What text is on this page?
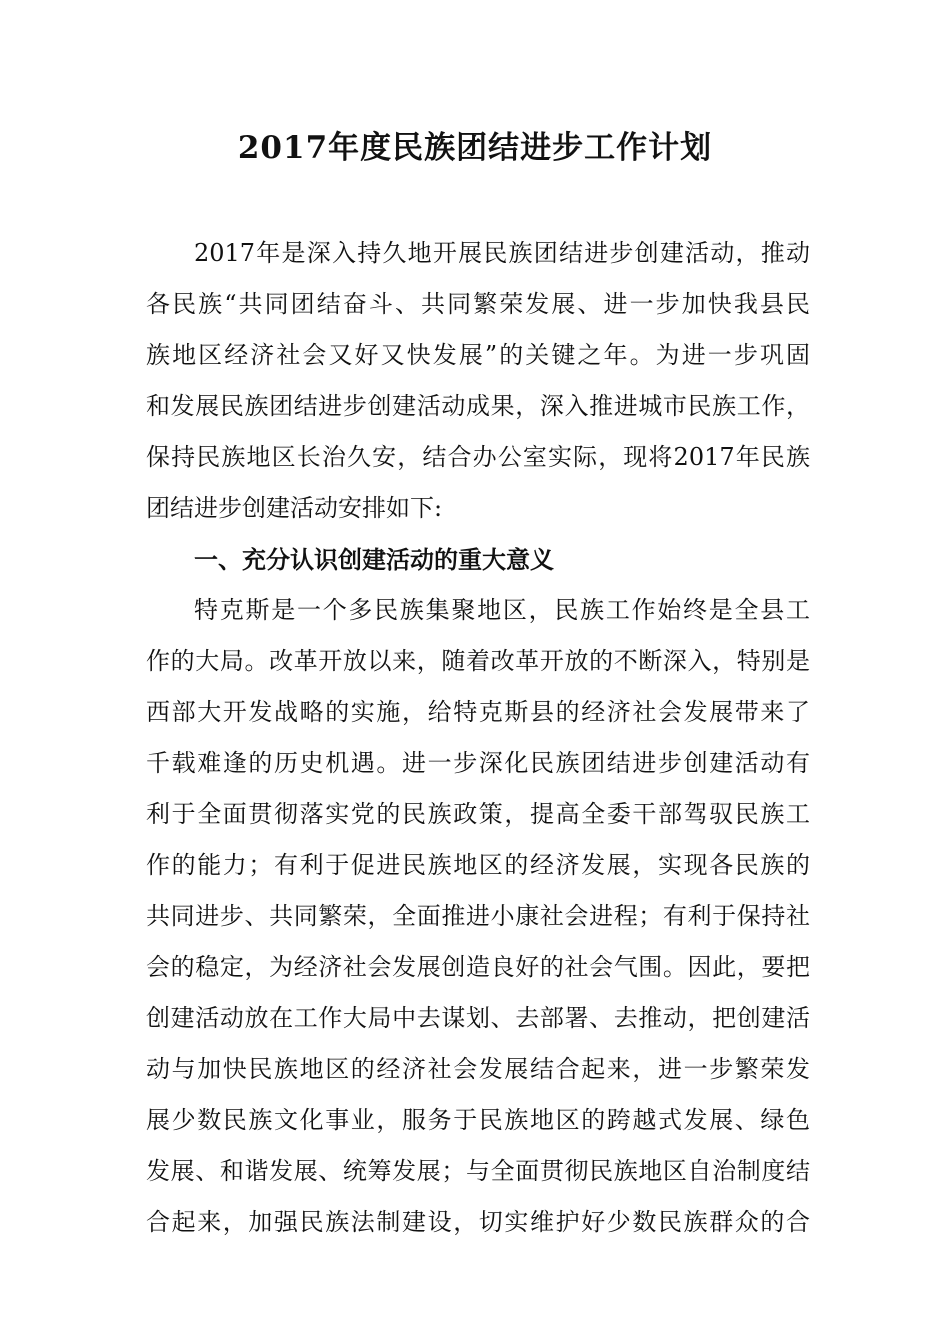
2017年度民族团结进步工作计划
2017年是深入持久地开展民族团结进步创建活动，推动
各民族“共同团结奋斗、共同繁荣发展、进一步加快我县民
族地区经济社会又好又快发展”的关键之年。为进一步巩固
和发展民族团结进步创建活动成果，深入推进城市民族工作，
保持民族地区长治久安，结合办公室实际，现将2017年民族
团结进步创建活动安排如下:
一、充分认识创建活动的重大意义
特克斯是一个多民族集聚地区，民族工作始终是全县工
作的大局。改革开放以来，随着改革开放的不断深入，特别是
西部大开发战略的实施，给特克斯县的经济社会发展带来了
千载难逢的历史机遇。进一步深化民族团结进步创建活动有
利于全面贯彻落实党的民族政策，提高全委干部驾驭民族工
作的能力；有利于促进民族地区的经济发展，实现各民族的
共同进步、共同繁荣，全面推进小康社会进程；有利于保持社
会的稳定，为经济社会发展创造良好的社会气围。因此，要把
创建活动放在工作大局中去谋划、去部署、去推动，把创建活
动与加快民族地区的经济社会发展结合起来，进一步繁荣发
展少数民族文化事业，服务于民族地区的跨越式发展、绿色
发展、和谐发展、统筹发展；与全面贯彻民族地区自治制度结
合起来，加强民族法制建设，切实维护好少数民族群众的合
